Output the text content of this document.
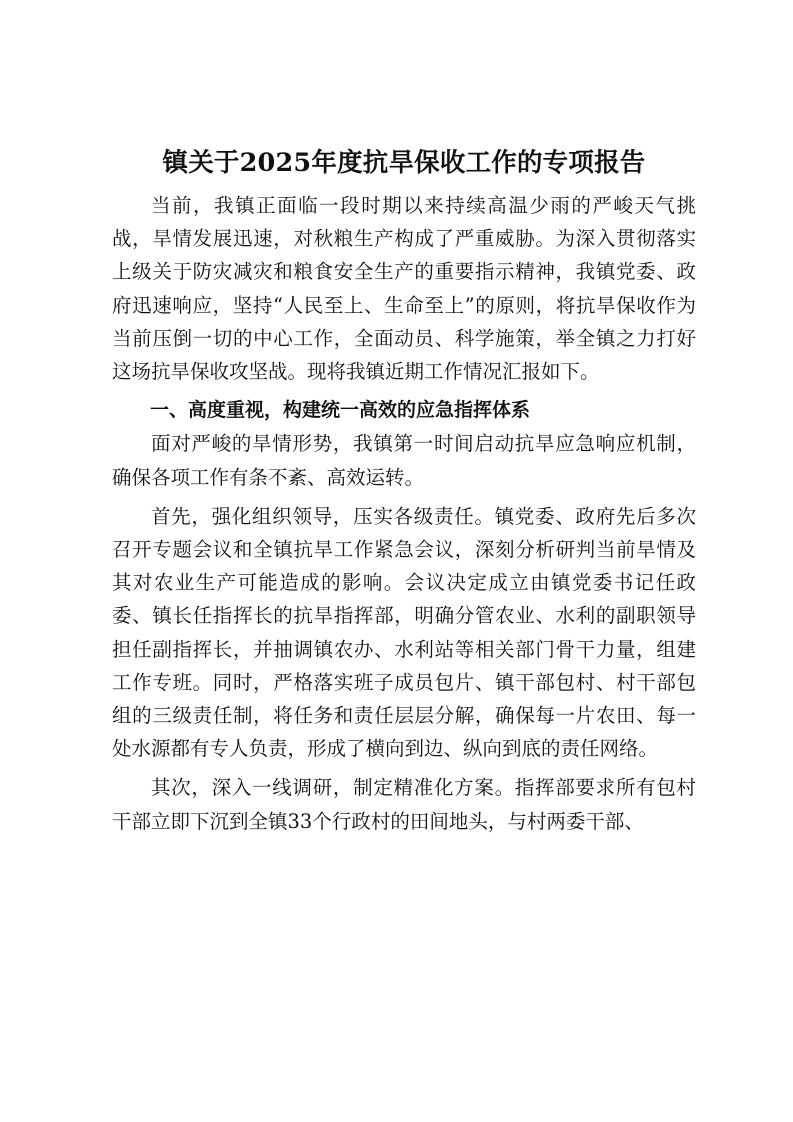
镇关于2025年度抗旱保收工作的专项报告

当前，我镇正面临一段时期以来持续高温少雨的严峻天气挑战，旱情发展迅速，对秋粮生产构成了严重威胁。为深入贯彻落实上级关于防灾减灾和粮食安全生产的重要指示精神，我镇党委、政府迅速响应，坚持“人民至上、生命至上”的原则，将抗旱保收作为当前压倒一切的中心工作，全面动员、科学施策，举全镇之力打好这场抗旱保收攻坚战。现将我镇近期工作情况汇报如下。

一、高度重视，构建统一高效的应急指挥体系

面对严峻的旱情形势，我镇第一时间启动抗旱应急响应机制，确保各项工作有条不紊、高效运转。

首先，强化组织领导，压实各级责任。镇党委、政府先后多次召开专题会议和全镇抗旱工作紧急会议，深刻分析研判当前旱情及其对农业生产可能造成的影响。会议决定成立由镇党委书记任政委、镇长任指挥长的抗旱指挥部，明确分管农业、水利的副职领导担任副指挥长，并抽调镇农办、水利站等相关部门骨干力量，组建工作专班。同时，严格落实班子成员包片、镇干部包村、村干部包组的三级责任制，将任务和责任层层分解，确保每一片农田、每一处水源都有专人负责，形成了横向到边、纵向到底的责任网络。

其次，深入一线调研，制定精准化方案。指挥部要求所有包村干部立即下沉到全镇33个行政村的田间地头，与村两委干部、
